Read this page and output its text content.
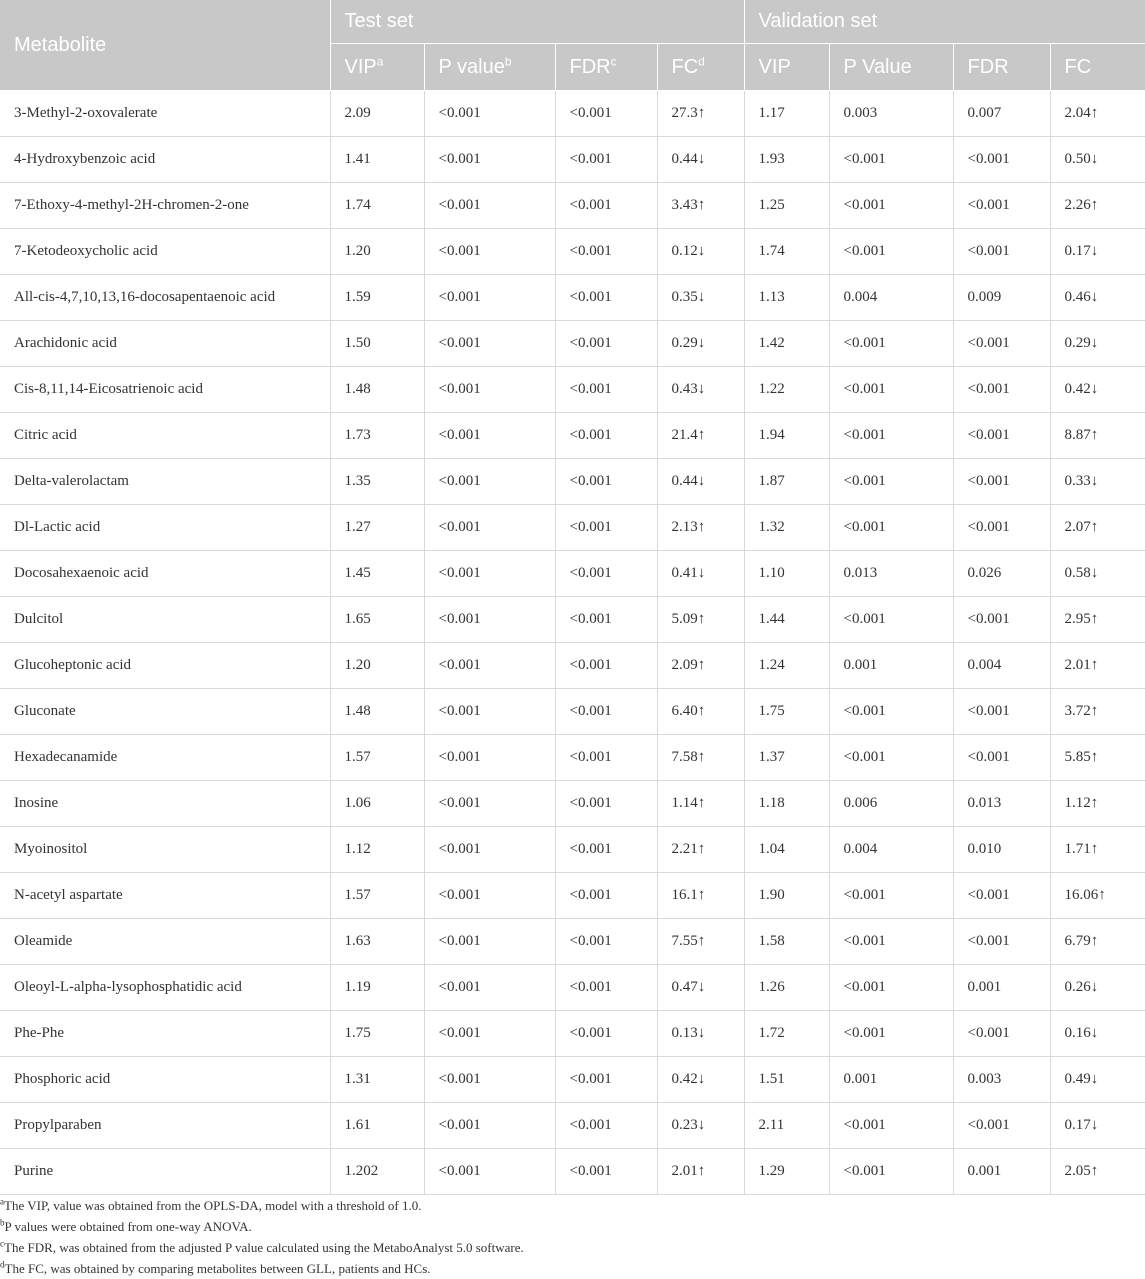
Metabolite	Test set				Validation set			
	VIP$^a$	P value$^b$	FDR$^c$	$FC^d$	VIP	P Value	FDR	FC
3-Methyl-2-oxovalerate	2.09	<0.001	<0.001	27.3↑	1.17	0.003	0.007	2.04↑
4-Hydroxybenzoic acid	1.41	<0.001	<0.001	0.44↓	1.93	<0.001	<0.001	0.50↓
7-Ethoxy-4-methyl-2H-chromen-2-one	1.74	<0.001	<0.001	3.43↑	1.25	<0.001	<0.001	2.26↑
7-Ketodeoxycholic acid	1.20	<0.001	<0.001	0.12↓	1.74	<0.001	<0.001	0.17↓
All-cis-4,7,10,13,16-docosapentaenoic acid	1.59	<0.001	<0.001	0.35↓	1.13	0.004	0.009	0.46↓
Arachidonic acid	1.50	<0.001	<0.001	0.29↓	1.42	<0.001	<0.001	0.29↓
Cis-8,11,14-Eicosatrienoic acid	1.48	<0.001	<0.001	0.43↓	1.22	<0.001	<0.001	0.42↓
Citric acid	1.73	<0.001	<0.001	21.4↑	1.94	<0.001	<0.001	8.87↑
Delta-valerolactam	1.35	<0.001	<0.001	0.44↓	1.87	<0.001	<0.001	0.33↓
Dl-Lactic acid	1.27	<0.001	<0.001	2.13↑	1.32	<0.001	<0.001	2.07↑
Docosahexaenoic acid	1.45	<0.001	<0.001	0.41↓	1.10	0.013	0.026	0.58↓
Dulcitol	1.65	<0.001	<0.001	5.09↑	1.44	<0.001	<0.001	2.95↑
Glucoheptonic acid	1.20	<0.001	<0.001	2.09↑	1.24	0.001	0.004	2.01↑
Gluconate	1.48	<0.001	<0.001	6.40↑	1.75	<0.001	<0.001	3.72↑
Hexadecanamide	1.57	<0.001	<0.001	7.58↑	1.37	<0.001	<0.001	5.85↑
Inosine	1.06	<0.001	<0.001	1.14↑	1.18	0.006	0.013	1.12↑
Myoinositol	1.12	<0.001	<0.001	2.21↑	1.04	0.004	0.010	1.71↑
N-acetyl aspartate	1.57	<0.001	<0.001	16.1↑	1.90	<0.001	<0.001	16.06↑
Oleamide	1.63	<0.001	<0.001	7.55↑	1.58	<0.001	<0.001	6.79↑
Oleoyl-L-alpha-lysophosphatidic acid	1.19	<0.001	<0.001	0.47↓	1.26	<0.001	0.001	0.26↓
Phe-Phe	1.75	<0.001	<0.001	0.13↓	1.72	<0.001	<0.001	0.16↓
Phosphoric acid	1.31	<0.001	<0.001	0.42↓	1.51	0.001	0.003	0.49↓
Propylparaben	1.61	<0.001	<0.001	0.23↓	2.11	<0.001	<0.001	0.17↓
Purine	1.202	<0.001	<0.001	2.01↑	1.29	<0.001	0.001	2.05↑
$^a$The VIP, value was obtained from the OPLS-DA, model with a threshold of 1.0.
$^b$P values were obtained from one-way ANOVA.
$^c$The FDR, was obtained from the adjusted P value calculated using the MetaboAnalyst 5.0 software.
$^d$The FC, was obtained by comparing metabolites between GLL, patients and HCs.
